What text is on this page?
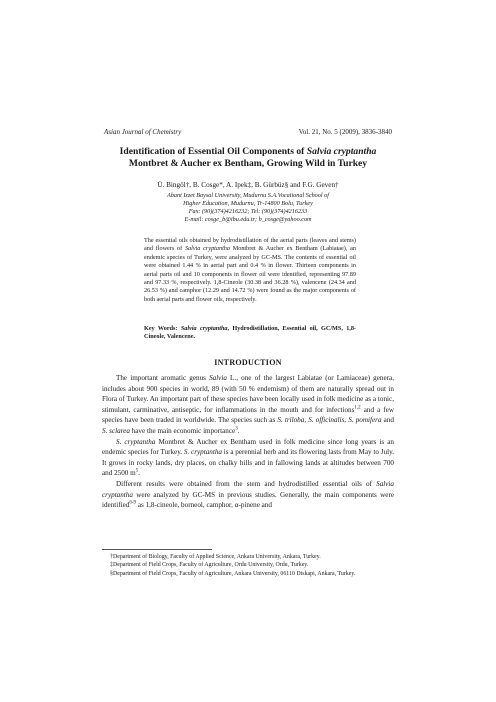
Asian Journal of Chemistry	Vol. 21, No. 5 (2009), 3836-3840
Identification of Essential Oil Components of Salvia cryptantha
Montbret & Aucher ex Bentham, Growing Wild in Turkey
Ü. Bingöl†, B. Cosge*, A. Ipek‡, B. Gürbüz§ and F.G. Geven†
Abant Izzet Baysal University, Mudurnu S.A.Vocational School of
Higher Education, Mudurnu, Tr-14800 Bolu, Turkey
Fax: (90)(374)4216232; Tel: (90)(374)4216233
E-mail: cosge_b@ibu.edu.tr; b_cosge@yahoo.com
The essential oils obtained by hydrodistillation of the aerial parts (leaves and stems) and flowers of Salvia cryptantha Montbret & Aucher ex Bentham (Labiatae), an endemic species of Turkey, were analyzed by GC-MS. The contents of essential oil were obtained 1.44 % in aerial part and 0.4 % in flower. Thirteen components in aerial parts oil and 10 components in flower oil were identified, representing 97.89 and 97.33 %, respectively. 1,8-Cineole (30.38 and 36.28 %), valencene (24.34 and 26.53 %) and camphor (12.29 and 14.72 %) were found as the major components of both aerial parts and flower oils, respectively.
Key Words: Salvia cryptantha, Hydrodistillation, Essential oil, GC/MS, 1,8-Cineole, Valencene.
INTRODUCTION

The important aromatic genus Salvia L., one of the largest Labiatae (or Lamiaceae) genera, includes about 900 species in world, 89 (with 50 % endemism) of them are naturally spread out in Flora of Turkey. An important part of these species have been locally used in folk medicine as a tonic, stimulant, carminative, antiseptic, for inflammations in the mouth and for infections$^{1,2}$ and a few species have been traded in worldwide. The species such as S. triloba, S. officinalis, S. pomifera and S. sclarea have the main economic importance$^3$.

S. cryptantha Montbret & Aucher ex Bentham used in folk medicine since long years is an endemic species for Turkey. S. cryptantha is a perennial herb and its flowering lasts from May to July. It grows in rocky lands, dry places, on chalky hills and in fallowing lands at altitudes between 700 and 2500 $m^5$.

Different results were obtained from the stem and hydrodistilled essential oils of Salvia cryptantha were analyzed by GC-MS in previous studies. Generally, the main components were identified$^{6-9}$ as 1,8-cineole, borneol, camphor, α-pinene and

†Department of Biology, Faculty of Applied Science, Ankara University, Ankara, Turkey.
‡Department of Field Crops, Faculty of Agriculture, Ordu University, Ordu, Turkey.
§Department of Field Crops, Faculty of Agriculture, Ankara University, 06110 Diskapi, Ankara, Turkey.
